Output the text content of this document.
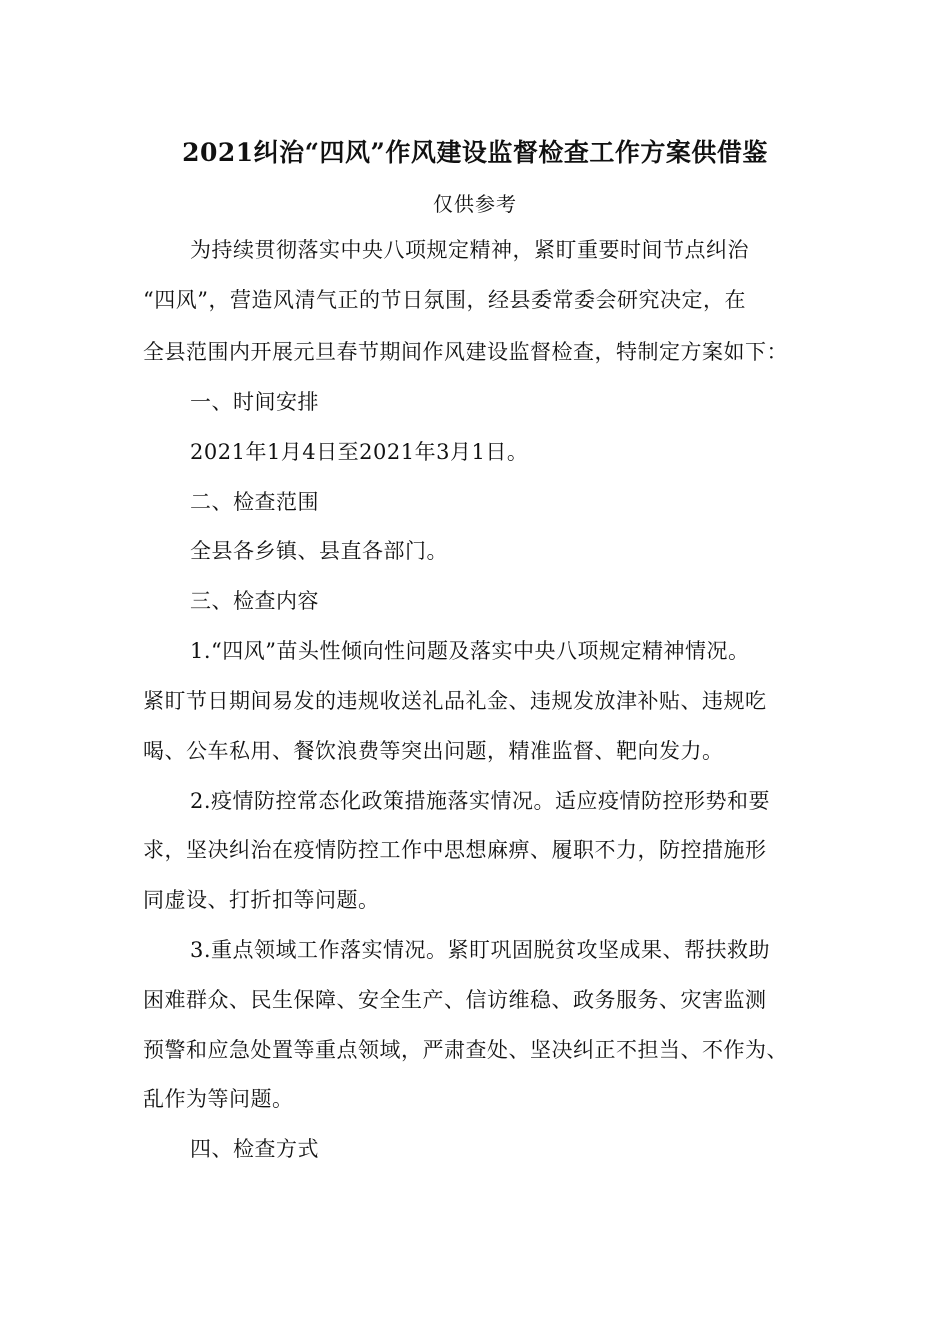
2021纠治“四风”作风建设监督检查工作方案供借鉴
仅供参考
为持续贯彻落实中央八项规定精神，紧盯重要时间节点纠治
“四风”，营造风清气正的节日氛围，经县委常委会研究决定，在
全县范围内开展元旦春节期间作风建设监督检查，特制定方案如下：
一、时间安排
2021年1月4日至2021年3月1日。
二、检查范围
全县各乡镇、县直各部门。
三、检查内容
1.“四风”苗头性倾向性问题及落实中央八项规定精神情况。
紧盯节日期间易发的违规收送礼品礼金、违规发放津补贴、违规吃
喝、公车私用、餐饮浪费等突出问题，精准监督、靶向发力。
2.疫情防控常态化政策措施落实情况。适应疫情防控形势和要
求，坚决纠治在疫情防控工作中思想麻痹、履职不力，防控措施形
同虚设、打折扣等问题。
3.重点领域工作落实情况。紧盯巩固脱贫攻坚成果、帮扶救助
困难群众、民生保障、安全生产、信访维稳、政务服务、灾害监测
预警和应急处置等重点领域，严肃查处、坚决纠正不担当、不作为、
乱作为等问题。
四、检查方式
